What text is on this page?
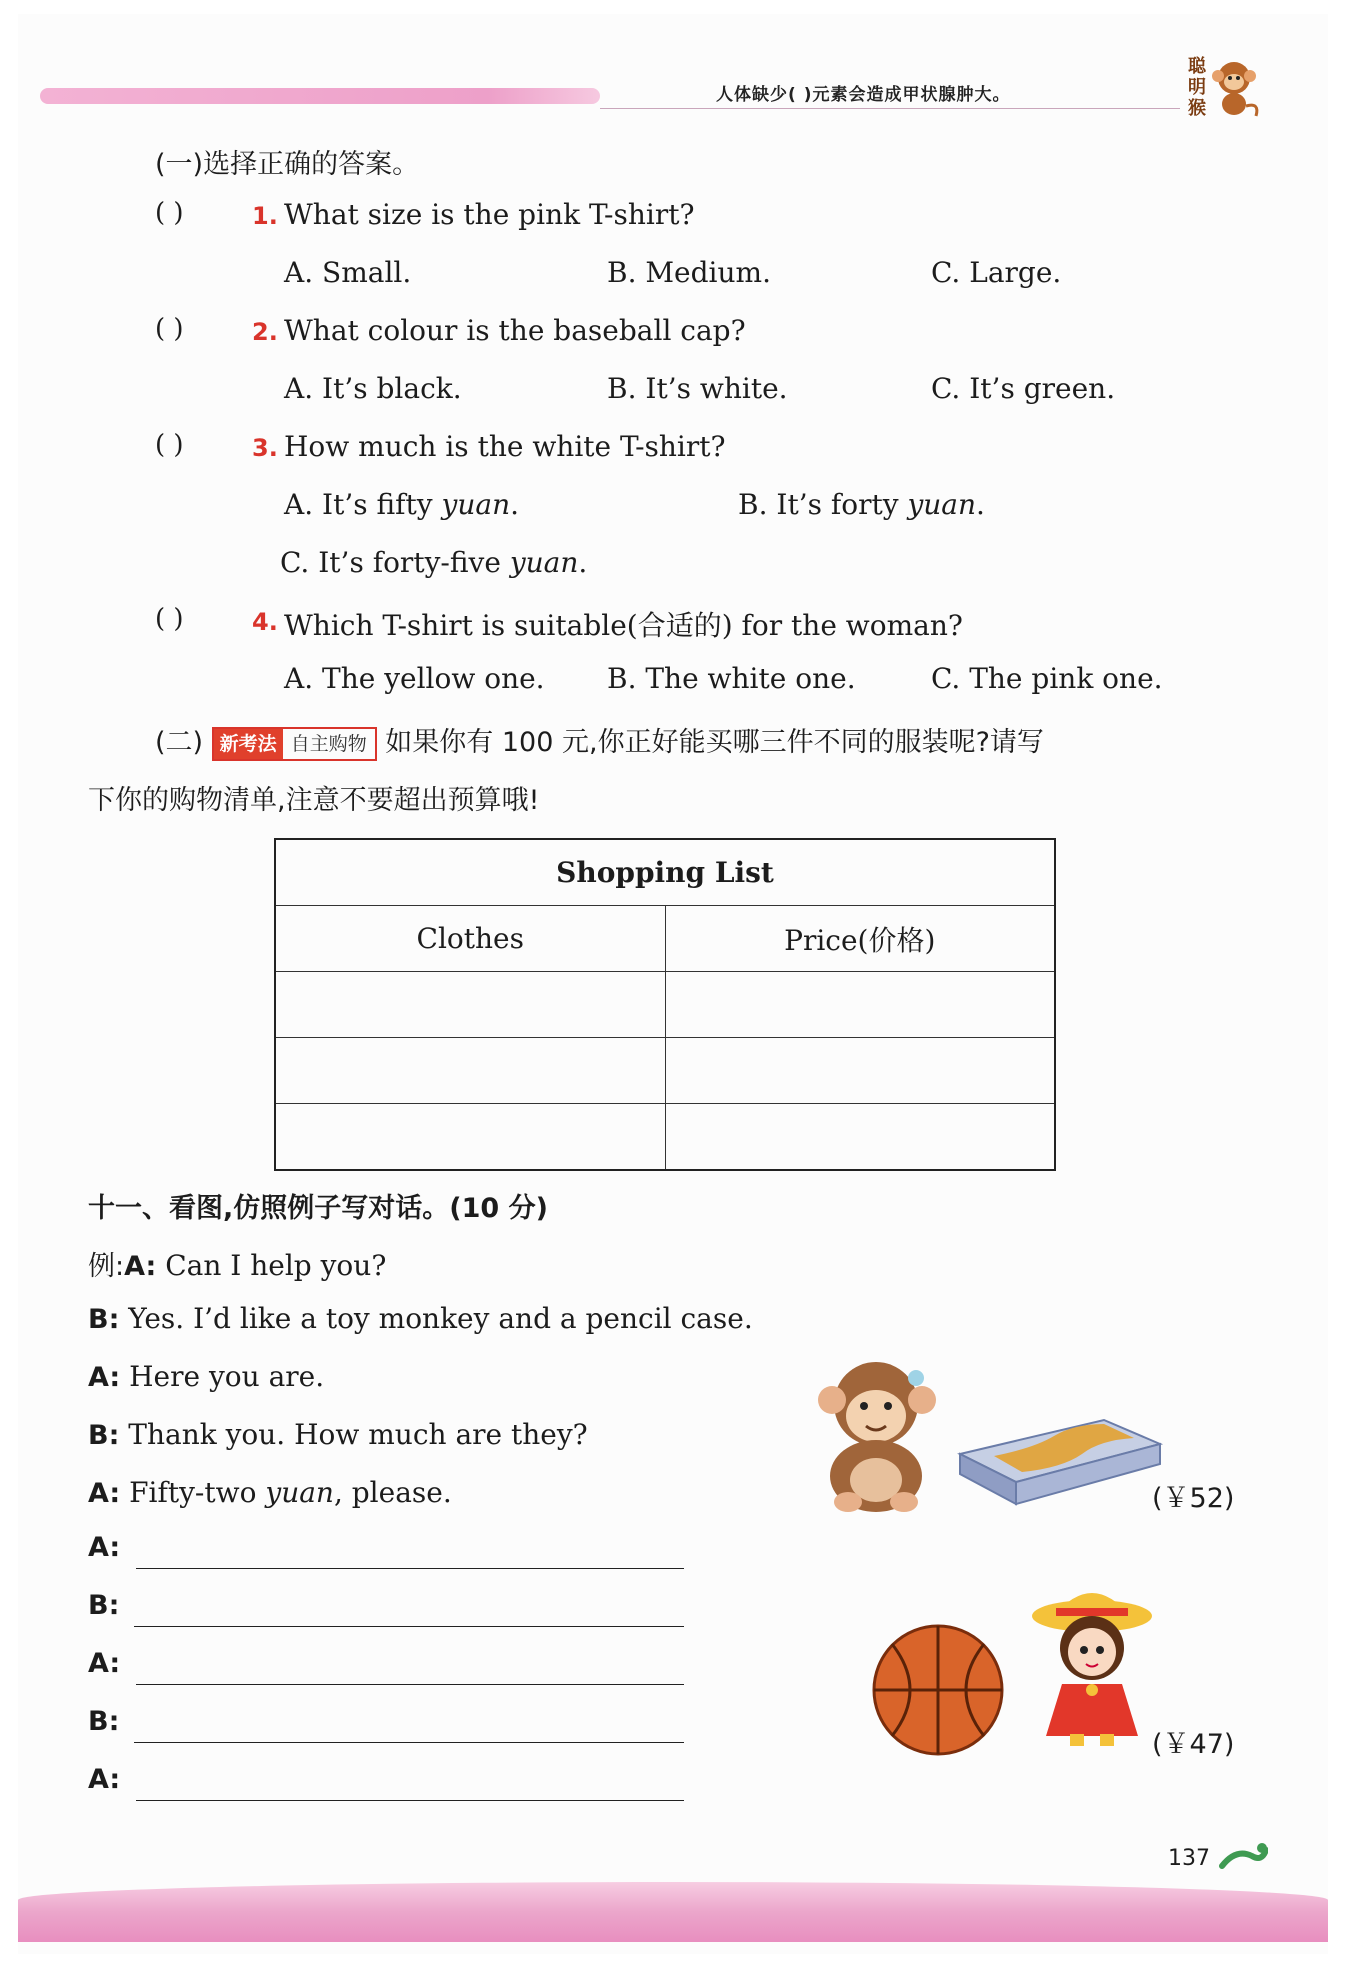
人体缺少( )元素会造成甲状腺肿大。
聪明猴
(一)选择正确的答案。
( )	1. What size is the pink T-shirt?
A. Small.	B. Medium.	C. Large.
( )	2. What colour is the baseball cap?
A. It’s black.	B. It’s white.	C. It’s green.
( )	3. How much is the white T-shirt?
A. It’s fifty yuan.	B. It’s forty yuan.
C. It’s forty-five yuan.
( )	4. Which T-shirt is suitable(合适的) for the woman?
A. The yellow one. B. The white one.	C. The pink one.
(二) 新考法 自主购物 如果你有 100 元,你正好能买哪三件不同的服装呢?请写
下你的购物清单,注意不要超出预算哦!
Shopping List	
Clothes	Price(价格)

十一、看图,仿照例子写对话。(10 分)
例:A: Can I help you?
B: Yes. I’d like a toy monkey and a pencil case.
A: Here you are.
B: Thank you. How much are they?
A: Fifty-two yuan, please.
A:
B:
A:
B:
A:
(￥52)
(￥47)
137
